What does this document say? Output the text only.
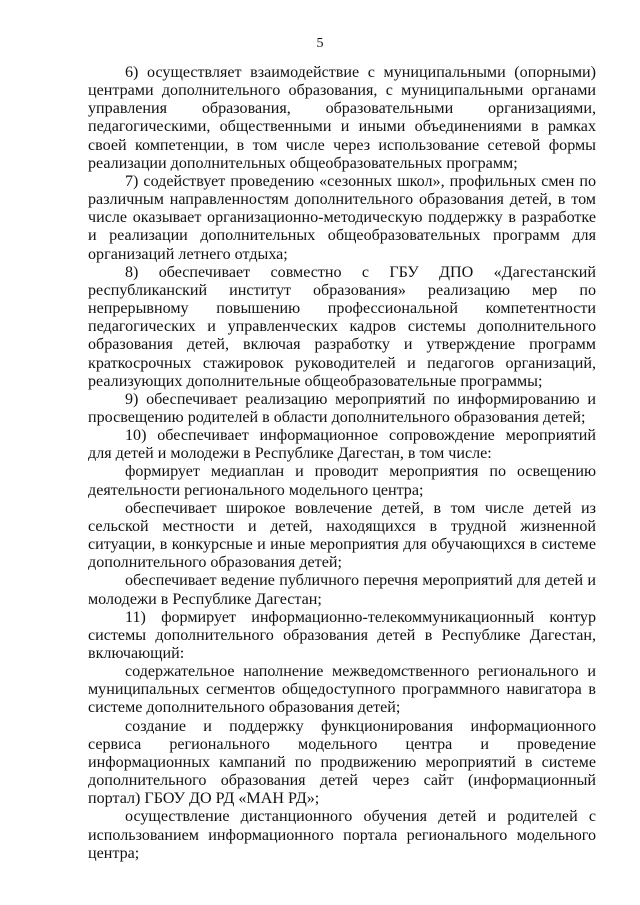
5

6) осуществляет взаимодействие с муниципальными (опорными) центрами дополнительного образования, с муниципальными органами управления образования, образовательными организациями, педагогическими, общественными и иными объединениями в рамках своей компетенции, в том числе через использование сетевой формы реализации дополнительных общеобразовательных программ;

7) содействует проведению «сезонных школ», профильных смен по различным направленностям дополнительного образования детей, в том числе оказывает организационно-методическую поддержку в разработке и реализации дополнительных общеобразовательных программ для организаций летнего отдыха;

8) обеспечивает совместно с ГБУ ДПО «Дагестанский республиканский институт образования» реализацию мер по непрерывному повышению профессиональной компетентности педагогических и управленческих кадров системы дополнительного образования детей, включая разработку и утверждение программ краткосрочных стажировок руководителей и педагогов организаций, реализующих дополнительные общеобразовательные программы;

9) обеспечивает реализацию мероприятий по информированию и просвещению родителей в области дополнительного образования детей;

10) обеспечивает информационное сопровождение мероприятий для детей и молодежи в Республике Дагестан, в том числе:

формирует медиаплан и проводит мероприятия по освещению деятельности регионального модельного центра;

обеспечивает широкое вовлечение детей, в том числе детей из сельской местности и детей, находящихся в трудной жизненной ситуации, в конкурсные и иные мероприятия для обучающихся в системе дополнительного образования детей;

обеспечивает ведение публичного перечня мероприятий для детей и молодежи в Республике Дагестан;

11) формирует информационно-телекоммуникационный контур системы дополнительного образования детей в Республике Дагестан, включающий:

содержательное наполнение межведомственного регионального и муниципальных сегментов общедоступного программного навигатора в системе дополнительного образования детей;

создание и поддержку функционирования информационного сервиса регионального модельного центра и проведение информационных кампаний по продвижению мероприятий в системе дополнительного образования детей через сайт (информационный портал) ГБОУ ДО РД «МАН РД»;

осуществление дистанционного обучения детей и родителей с использованием информационного портала регионального модельного центра;
